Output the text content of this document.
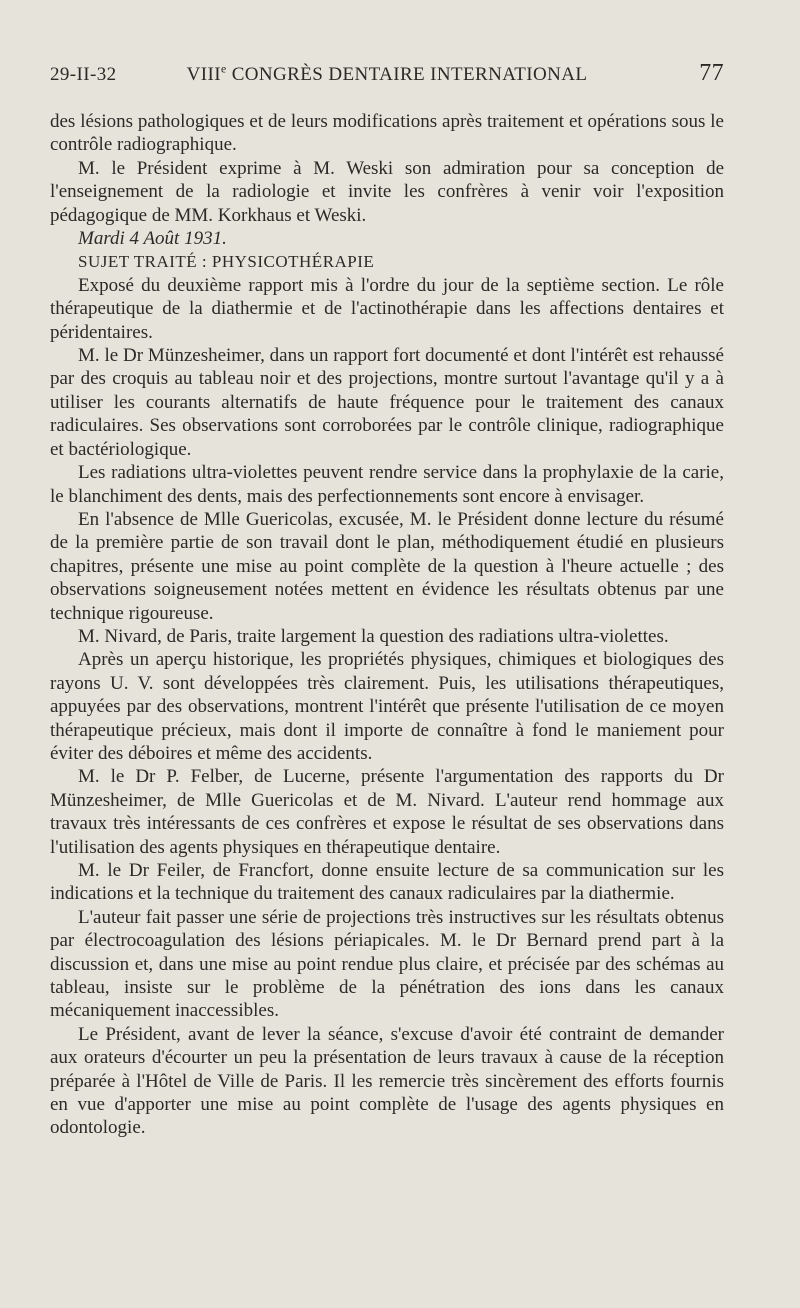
29-II-32	VIIIe CONGRÈS DENTAIRE INTERNATIONAL	77

des lésions pathologiques et de leurs modifications après traitement et opérations sous le contrôle radiographique.

M. le Président exprime à M. Weski son admiration pour sa conception de l'enseignement de la radiologie et invite les confrères à venir voir l'exposition pédagogique de MM. Korkhaus et Weski.

Mardi 4 Août 1931.

SUJET TRAITÉ : PHYSICOTHÉRAPIE

Exposé du deuxième rapport mis à l'ordre du jour de la septième section. Le rôle thérapeutique de la diathermie et de l'actinothérapie dans les affections dentaires et péridentaires.

M. le Dr Münzesheimer, dans un rapport fort documenté et dont l'intérêt est rehaussé par des croquis au tableau noir et des projections, montre surtout l'avantage qu'il y a à utiliser les courants alternatifs de haute fréquence pour le traitement des canaux radiculaires. Ses observations sont corroborées par le contrôle clinique, radiographique et bactériologique.

Les radiations ultra-violettes peuvent rendre service dans la prophylaxie de la carie, le blanchiment des dents, mais des perfectionnements sont encore à envisager.

En l'absence de Mlle Guericolas, excusée, M. le Président donne lecture du résumé de la première partie de son travail dont le plan, méthodiquement étudié en plusieurs chapitres, présente une mise au point complète de la question à l'heure actuelle ; des observations soigneusement notées mettent en évidence les résultats obtenus par une technique rigoureuse.

M. Nivard, de Paris, traite largement la question des radiations ultra-violettes.

Après un aperçu historique, les propriétés physiques, chimiques et biologiques des rayons U. V. sont développées très clairement. Puis, les utilisations thérapeutiques, appuyées par des observations, montrent l'intérêt que présente l'utilisation de ce moyen thérapeutique précieux, mais dont il importe de connaître à fond le maniement pour éviter des déboires et même des accidents.

M. le Dr P. Felber, de Lucerne, présente l'argumentation des rapports du Dr Münzesheimer, de Mlle Guericolas et de M. Nivard. L'auteur rend hommage aux travaux très intéressants de ces confrères et expose le résultat de ses observations dans l'utilisation des agents physiques en thérapeutique dentaire.

M. le Dr Feiler, de Francfort, donne ensuite lecture de sa communication sur les indications et la technique du traitement des canaux radiculaires par la diathermie.

L'auteur fait passer une série de projections très instructives sur les résultats obtenus par électrocoagulation des lésions périapicales. M. le Dr Bernard prend part à la discussion et, dans une mise au point rendue plus claire, et précisée par des schémas au tableau, insiste sur le problème de la pénétration des ions dans les canaux mécaniquement inaccessibles.

Le Président, avant de lever la séance, s'excuse d'avoir été contraint de demander aux orateurs d'écourter un peu la présentation de leurs travaux à cause de la réception préparée à l'Hôtel de Ville de Paris. Il les remercie très sincèrement des efforts fournis en vue d'apporter une mise au point complète de l'usage des agents physiques en odontologie.
